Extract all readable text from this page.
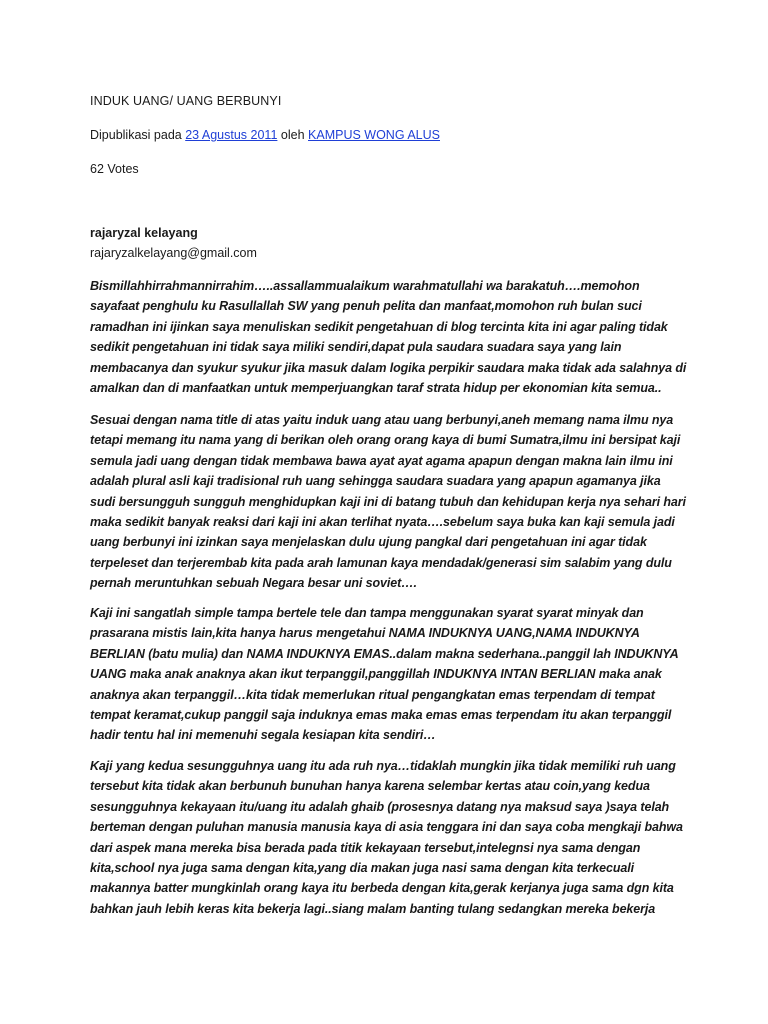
INDUK UANG/ UANG BERBUNYI
Dipublikasi pada 23 Agustus 2011 oleh KAMPUS WONG ALUS
62 Votes
rajaryzal kelayang
rajaryzalkelayang@gmail.com
Bismillahhirrahmannirrahim…..assallammualaikum warahmatullahi wa barakatuh….memohon
sayafaat penghulu ku Rasullallah SW yang penuh pelita dan manfaat,momohon ruh bulan suci
ramadhan ini ijinkan saya menuliskan sedikit pengetahuan di blog tercinta kita ini agar paling tidak
sedikit pengetahuan ini tidak saya miliki sendiri,dapat pula saudara suadara saya yang lain
membacanya dan syukur syukur jika masuk dalam logika perpikir saudara maka tidak ada salahnya di
amalkan dan di manfaatkan untuk memperjuangkan taraf strata hidup per ekonomian kita semua..
Sesuai dengan nama title di atas yaitu induk uang atau uang berbunyi,aneh memang nama ilmu nya
tetapi memang itu nama yang di berikan oleh orang orang kaya di bumi Sumatra,ilmu ini bersipat kaji
semula jadi uang dengan tidak membawa bawa ayat ayat agama apapun dengan makna lain ilmu ini
adalah plural asli kaji tradisional ruh uang sehingga saudara suadara yang apapun agamanya jika
sudi bersungguh sungguh menghidupkan kaji ini di batang tubuh dan kehidupan kerja nya sehari hari
maka sedikit banyak reaksi dari kaji ini akan terlihat nyata….sebelum saya buka kan kaji semula jadi
uang berbunyi ini izinkan saya menjelaskan dulu ujung pangkal dari pengetahuan ini agar tidak
terpeleset dan terjerembab kita pada arah lamunan kaya mendadak/generasi sim salabim yang dulu
pernah meruntuhkan sebuah Negara besar uni soviet….
Kaji ini sangatlah simple tampa bertele tele dan tampa menggunakan syarat syarat minyak dan
prasarana mistis lain,kita hanya harus mengetahui NAMA INDUKNYA UANG,NAMA INDUKNYA
BERLIAN (batu mulia) dan NAMA INDUKNYA EMAS..dalam makna sederhana..panggil lah INDUKNYA
UANG maka anak anaknya akan ikut terpanggil,panggillah INDUKNYA INTAN BERLIAN maka anak
anaknya akan terpanggil…kita tidak memerlukan ritual pengangkatan emas terpendam di tempat
tempat keramat,cukup panggil saja induknya emas maka emas emas terpendam itu akan terpanggil
hadir tentu hal ini memenuhi segala kesiapan kita sendiri…
Kaji yang kedua sesungguhnya uang itu ada ruh nya…tidaklah mungkin jika tidak memiliki ruh uang
tersebut kita tidak akan berbunuh bunuhan hanya karena selembar kertas atau coin,yang kedua
sesungguhnya kekayaan itu/uang itu adalah ghaib (prosesnya datang nya maksud saya )saya telah
berteman dengan puluhan manusia manusia kaya di asia tenggara ini dan saya coba mengkaji bahwa
dari aspek mana mereka bisa berada pada titik kekayaan tersebut,intelegnsi nya sama dengan
kita,school nya juga sama dengan kita,yang dia makan juga nasi sama dengan kita terkecuali
makannya batter mungkinlah orang kaya itu berbeda dengan kita,gerak kerjanya juga sama dgn kita
bahkan jauh lebih keras kita bekerja lagi..siang malam banting tulang sedangkan mereka bekerja
